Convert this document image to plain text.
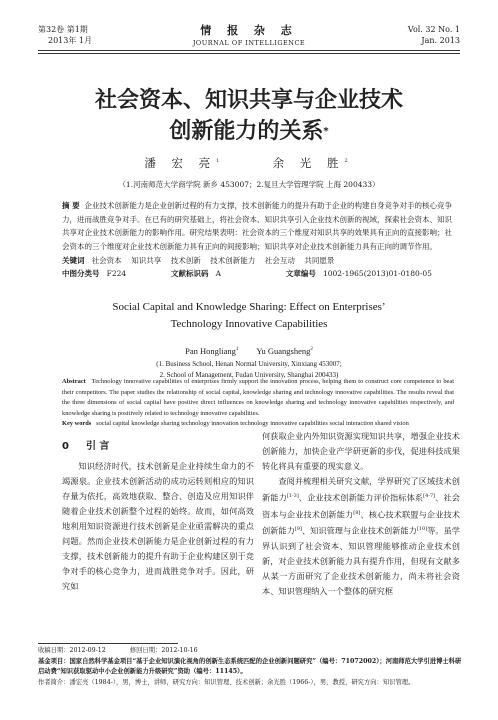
第32卷 第1期
2013年 1月
情 报 杂 志
JOURNAL OF INTELLIGENCE
Vol. 32 No. 1
Jan. 2013
社会资本、知识共享与企业技术
创新能力的关系*
潘 宏 亮$^1$	余 光 胜$^2$
（1.河南师范大学商学院 新乡 453007；2.复旦大学管理学院 上海 200433）
摘 要 企业技术创新能力是企业创新过程的有力支撑，技术创新能力的提升有助于企业的构建自身竞争对手的核心竞争力，进而战胜竞争对手。在已有的研究基础上，将社会资本、知识共享引入企业技术创新的视域，探索社会资本、知识共享对企业技术创新能力的影响作用。研究结果表明：社会资本的三个维度对知识共享的效果具有正向的直接影响；社会资本的三个维度对企业技术创新能力具有正向的间接影响；知识共享对企业技术创新能力具有正向的调节作用。
关键词 社会资本 知识共享 技术创新 技术创新能力 社会互动 共同愿景
中图分类号 F224	文献标识码 A	文章编号 1002-1965(2013)01-0180-05
Social Capital and Knowledge Sharing: Effect on Enterprises’
Technology Innovative Capabilities
Pan Hongliang$^1$ Yu Guangsheng$^2$
(1. Business School, Henan Normal University, Xinxiang 453007;
2. School of Management, Fudan University, Shanghai 200433)
Abstract Technology innovative capabilities of enterprises firmly support the innovation process, helping them to construct core competence to beat their competitors. The paper studies the relationship of social capital, knowledge sharing and technology innovative capabilities. The results reveal that the three dimensions of social capital have positive direct influences on knowledge sharing and technology innovative capabilities respectively, and knowledge sharing is positively related to technology innovative capabilities.
Key words social capital knowledge sharing technology innovation technology innovative capabilities social interaction shared vision
0 引 言

知识经济时代，技术创新是企业持续生命力的不竭源泉。企业技术创新活动的成功运转则相应的知识存量为依托，高效地获取、整合、创造及应用知识伴随着企业技术创新整个过程的始终。故而，如何高效地利用知识资源进行技术创新是企业亟需解决的重点问题。然而企业技术创新能力是企业创新过程的有力支撑，技术创新能力的提升有助于企业构建区别于竞争对手的核心竞争力，进而战胜竞争对手。因此，研究如

何获取企业内外知识资源实现知识共享，增强企业技术创新能力，加快企业产学研更新的步伐，促进科技成果转化将具有重要的现实意义。

查阅并梳理相关研究文献，学界研究了区域技术创新能力[1-3]、企业技术创新能力评价指标体系[4-7]、社会资本与企业技术创新能力[8]、核心技术联盟与企业技术创新能力[9]、知识管理与企业技术创新能力[10]等。虽学界认识到了社会资本、知识管理能够推动企业技术创新，对企业技术创新能力具有提升作用，但现有文献多从某一方面研究了企业技术创新能力，尚未将社会资本、知识管理纳入一个整体的研究框

收稿日期：2012-09-12	修回日期：2012-10-16
基金项目：国家自然科学基金项目“基于企业知识演化视角的创新生态系统匹配的企业创新问题研究”（编号：71072002）；河南师范大学引进博士科研启动费“知识获取驱动中小企业创新能力升级研究”资助（编号：11145）。
作者简介：潘宏亮（1984-），男，博士，讲师，研究方向：知识管理、技术创新；余光胜（1966-），男，教授，研究方向：知识管理。
